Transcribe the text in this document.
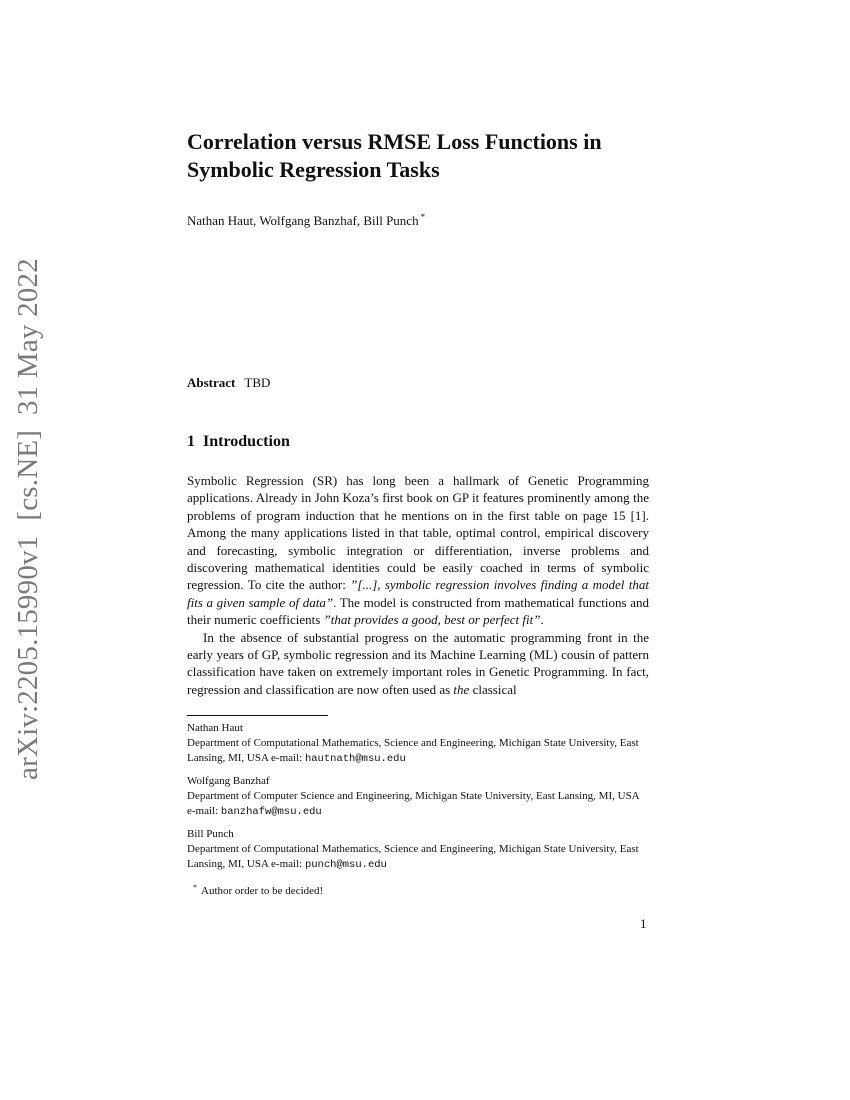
arXiv:2205.15990v1  [cs.NE]  31 May 2022
Correlation versus RMSE Loss Functions in
Symbolic Regression Tasks
Nathan Haut, Wolfgang Banzhaf, Bill Punch *
Abstract TBD
1 Introduction

Symbolic Regression (SR) has long been a hallmark of Genetic Programming applications. Already in John Koza’s first book on GP it features prominently among the problems of program induction that he mentions on in the first table on page 15 [1]. Among the many applications listed in that table, optimal control, empirical discovery and forecasting, symbolic integration or differentiation, inverse problems and discovering mathematical identities could be easily coached in terms of symbolic regression. To cite the author: ”[...], symbolic regression involves finding a model that fits a given sample of data”. The model is constructed from mathematical functions and their numeric coefficients ”that provides a good, best or perfect fit”.

In the absence of substantial progress on the automatic programming front in the early years of GP, symbolic regression and its Machine Learning (ML) cousin of pattern classification have taken on extremely important roles in Genetic Programming. In fact, regression and classification are now often used as the classical

Nathan Haut
Department of Computational Mathematics, Science and Engineering, Michigan State University, East Lansing, MI, USA e-mail: hautnath@msu.edu
Wolfgang Banzhaf
Department of Computer Science and Engineering, Michigan State University, East Lansing, MI, USA e-mail: banzhafw@msu.edu
Bill Punch
Department of Computational Mathematics, Science and Engineering, Michigan State University, East Lansing, MI, USA e-mail: punch@msu.edu
* Author order to be decided!
1
